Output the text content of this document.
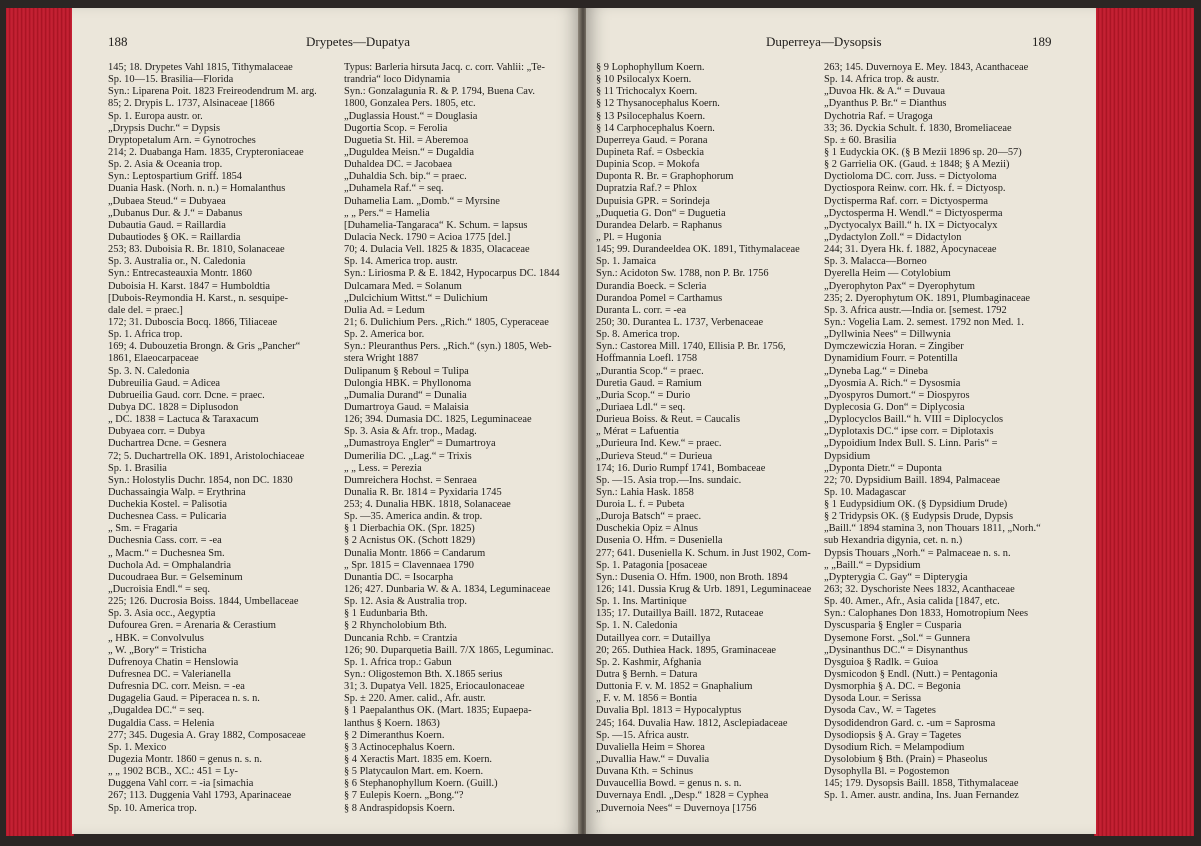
188	Drypetes—Dupatya
145; 18. Drypetes Vahl 1815, Tithymalaceae
Sp. 10—15. Brasilia—Florida
Syn.: Liparena Poit. 1823 Freireodendrum M. arg.
85; 2. Drypis L. 1737, Alsinaceae [1866
Sp. 1. Europa austr. or.
„Drypsis Duchr.“ = Dypsis
Dryptopetalum Arn. = Gynotroches
214; 2. Duabanga Ham. 1835, Crypteroniaceae
Sp. 2. Asia & Oceania trop.
Syn.: Leptospartium Griff. 1854
Duania Hask. (Norh. n. n.) = Homalanthus
„Dubaea Steud.“ = Dubyaea
„Dubanus Dur. & J.“ = Dabanus
Dubautia Gaud. = Raillardia
Dubautiodes § OK. = Raillardia
253; 83. Duboisia R. Br. 1810, Solanaceae
Sp. 3. Australia or., N. Caledonia
Syn.: Entrecasteauxia Montr. 1860
Duboisia H. Karst. 1847 = Humboldtia
[Dubois-Reymondia H. Karst., n. sesquipe-
dale del. = praec.]
172; 31. Duboscia Bocq. 1866, Tiliaceae
Sp. 1. Africa trop.
169; 4. Dubouzetia Brongn. & Gris „Pancher“
1861, Elaeocarpaceae
Sp. 3. N. Caledonia
Dubreuilia Gaud. = Adicea
Dubrueilia Gaud. corr. Dcne. = praec.
Dubya DC. 1828 = Diplusodon
„ DC. 1838 = Lactuca & Taraxacum
Dubyaea corr. = Dubya
Duchartrea Dcne. = Gesnera
72; 5. Duchartrella OK. 1891, Aristolochiaceae
Sp. 1. Brasilia
Syn.: Holostylis Duchr. 1854, non DC. 1830
Duchassaingia Walp. = Erythrina
Duchekia Kostel. = Palisotia
Duchesnea Cass. = Pulicaria
„ Sm. = Fragaria
Duchesnia Cass. corr. = -ea
„ Macm.“ = Duchesnea Sm.
Duchola Ad. = Omphalandria
Ducoudraea Bur. = Gelseminum
„Ducroisia Endl.“ = seq.
225; 126. Ducrosia Boiss. 1844, Umbellaceae
Sp. 3. Asia occ., Aegyptia
Dufourea Gren. = Arenaria & Cerastium
„ HBK. = Convolvulus
„ W. „Bory“ = Tristicha
Dufrenoya Chatin = Henslowia
Dufresnea DC. = Valerianella
Dufresnia DC. corr. Meisn. = -ea
Dugagelia Gaud. = Piperacea n. s. n.
„Dugaldea DC.“ = seq.
Dugaldia Cass. = Helenia
277; 345. Dugesia A. Gray 1882, Composaceae
Sp. 1. Mexico
Dugezia Montr. 1860 = genus n. s. n.
„ „ 1902 BCB., XC.: 451 = Ly-
Duggena Vahl corr. = -ia [simachia
267; 113. Duggenia Vahl 1793, Aparinaceae
Sp. 10. America trop.
Typus: Barleria hirsuta Jacq. c. corr. Vahlii: „Te-
trandria“ loco Didynamia
Syn.: Gonzalagunia R. & P. 1794, Buena Cav.
1800, Gonzalea Pers. 1805, etc.
„Duglassia Houst.“ = Douglasia
Dugortia Scop. = Ferolia
Duguetia St. Hil. = Aberemoa
„Duguldea Meisn.“ = Dugaldia
Duhaldea DC. = Jacobaea
„Duhaldia Sch. bip.“ = praec.
„Duhamela Raf.“ = seq.
Duhamelia Lam. „Domb.“ = Myrsine
„ „ Pers.“ = Hamelia
[Duhamelia-Tangaraca“ K. Schum. = lapsus
Dulacia Neck. 1790 = Acioa 1775 [del.]
70; 4. Dulacia Vell. 1825 & 1835, Olacaceae
Sp. 14. America trop. austr.
Syn.: Liriosma P. & E. 1842, Hypocarpus DC. 1844
Dulcamara Med. = Solanum
„Dulcichium Wittst.“ = Dulichium
Dulia Ad. = Ledum
21; 6. Dulichium Pers. „Rich.“ 1805, Cyperaceae
Sp. 2. America bor.
Syn.: Pleuranthus Pers. „Rich.“ (syn.) 1805, Web-
stera Wright 1887
Dulipanum § Reboul = Tulipa
Dulongia HBK. = Phyllonoma
„Dumalia Durand“ = Dunalia
Dumartroya Gaud. = Malaisia
126; 394. Dumasia DC. 1825, Leguminaceae
Sp. 3. Asia & Afr. trop., Madag.
„Dumastroya Engler“ = Dumartroya
Dumerilia DC. „Lag.“ = Trixis
„ „ Less. = Perezia
Dumreichera Hochst. = Senraea
Dunalia R. Br. 1814 = Pyxidaria 1745
253; 4. Dunalia HBK. 1818, Solanaceae
Sp. —35. America andin. & trop.
§ 1 Dierbachia OK. (Spr. 1825)
§ 2 Acnistus OK. (Schott 1829)
Dunalia Montr. 1866 = Candarum
„ Spr. 1815 = Clavennaea 1790
Dunantia DC. = Isocarpha
126; 427. Dunbaria W. & A. 1834, Leguminaceae
Sp. 12. Asia & Australia trop.
§ 1 Eudunbaria Bth.
§ 2 Rhyncholobium Bth.
Duncania Rchb. = Crantzia
126; 90. Duparquetia Baill. 7/X 1865, Leguminac.
Sp. 1. Africa trop.: Gabun
Syn.: Oligostemon Bth. X.1865 serius
31; 3. Dupatya Vell. 1825, Eriocaulonaceae
Sp. ± 220. Amer. calid., Afr. austr.
§ 1 Paepalanthus OK. (Mart. 1835; Eupaepa-
lanthus § Koern. 1863)
§ 2 Dimeranthus Koern.
§ 3 Actinocephalus Koern.
§ 4 Xeractis Mart. 1835 em. Koern.
§ 5 Platycaulon Mart. em. Koern.
§ 6 Stephanophyllum Koern. (Guill.)
§ 7 Eulepis Koern. „Bong.“?
§ 8 Andraspidopsis Koern.
Duperreya—Dysopsis	189
§ 9 Lophophyllum Koern.
§ 10 Psilocalyx Koern.
§ 11 Trichocalyx Koern.
§ 12 Thysanocephalus Koern.
§ 13 Psilocephalus Koern.
§ 14 Carphocephalus Koern.
Duperreya Gaud. = Porana
Dupineta Raf. = Osbeckia
Dupinia Scop. = Mokofa
Duponta R. Br. = Graphophorum
Dupratzia Raf.? = Phlox
Dupuisia GPR. = Sorindeja
„Duquetia G. Don“ = Duguetia
Durandea Delarb. = Raphanus
„ Pl. = Hugonia
145; 99. Durandeeldea OK. 1891, Tithymalaceae
Sp. 1. Jamaica
Syn.: Acidoton Sw. 1788, non P. Br. 1756
Durandia Boeck. = Scleria
Durandoa Pomel = Carthamus
Duranta L. corr. = -ea
250; 30. Durantea L. 1737, Verbenaceae
Sp. 8. America trop.
Syn.: Castorea Mill. 1740, Ellisia P. Br. 1756,
Hoffmannia Loefl. 1758
„Durantia Scop.“ = praec.
Duretia Gaud. = Ramium
„Duria Scop.“ = Durio
„Duriaea Ldl.“ = seq.
Durieua Boiss. & Reut. = Caucalis
„ Mérat = Lafuentia
„Durieura Ind. Kew.“ = praec.
„Durieva Steud.“ = Durieua
174; 16. Durio Rumpf 1741, Bombaceae
Sp. —15. Asia trop.—Ins. sundaic.
Syn.: Lahia Hask. 1858
Duroia L. f. = Pubeta
„Duroja Batsch“ = praec.
Duschekia Opiz = Alnus
Dusenia O. Hfm. = Duseniella
277; 641. Duseniella K. Schum. in Just 1902, Com-
Sp. 1. Patagonia [posaceae
Syn.: Dusenia O. Hfm. 1900, non Broth. 1894
126; 141. Dussia Krug & Urb. 1891, Leguminaceae
Sp. 1. Ins. Martinique
135; 17. Dutaillya Baill. 1872, Rutaceae
Sp. 1. N. Caledonia
Dutaillyea corr. = Dutaillya
20; 265. Duthiea Hack. 1895, Graminaceae
Sp. 2. Kashmir, Afghania
Dutra § Bernh. = Datura
Duttonia F. v. M. 1852 = Gnaphalium
„ F. v. M. 1856 = Bontia
Duvalia Bpl. 1813 = Hypocalyptus
245; 164. Duvalia Haw. 1812, Asclepiadaceae
Sp. —15. Africa austr.
Duvaliella Heim = Shorea
„Duvallia Haw.“ = Duvalia
Duvana Kth. = Schinus
Duvaucellia Bowd. = genus n. s. n.
Duvernaya Endl. „Desp.“ 1828 = Cyphea
„Duvernoia Nees“ = Duvernoya [1756
263; 145. Duvernoya E. Mey. 1843, Acanthaceae
Sp. 14. Africa trop. & austr.
„Duvoa Hk. & A.“ = Duvaua
„Dyanthus P. Br.“ = Dianthus
Dychotria Raf. = Uragoga
33; 36. Dyckia Schult. f. 1830, Bromeliaceae
Sp. ± 60. Brasilia
§ 1 Eudyckia OK. (§ B Mezii 1896 sp. 20—57)
§ 2 Garrielia OK. (Gaud. ± 1848; § A Mezii)
Dyctioloma DC. corr. Juss. = Dictyoloma
Dyctiospora Reinw. corr. Hk. f. = Dictyosp.
Dyctisperma Raf. corr. = Dictyosperma
„Dyctosperma H. Wendl.“ = Dictyosperma
„Dyctyocalyx Baill.“ h. IX = Dictyocalyx
„Dydactylon Zoll.“ = Didactylon
244; 31. Dyera Hk. f. 1882, Apocynaceae
Sp. 3. Malacca—Borneo
Dyerella Heim — Cotylobium
„Dyerophyton Pax“ = Dyerophytum
235; 2. Dyerophytum OK. 1891, Plumbaginaceae
Sp. 3. Africa austr.—India or. [semest. 1792
Syn.: Vogelia Lam. 2. semest. 1792 non Med. 1.
„Dyllwinia Nees“ = Dillwynia
Dymczewiczia Horan. = Zingiber
Dynamidium Fourr. = Potentilla
„Dyneba Lag.“ = Dineba
„Dyosmia A. Rich.“ = Dysosmia
„Dyospyros Dumort.“ = Diospyros
Dyplecosia G. Don“ = Diplycosia
„Dyplocyclos Baill.“ h. VIII = Diplocyclos
„Dyplotaxis DC.“ ipse corr. = Diplotaxis
„Dypoidium Index Bull. S. Linn. Paris“ =
Dypsidium
„Dyponta Dietr.“ = Duponta
22; 70. Dypsidium Baill. 1894, Palmaceae
Sp. 10. Madagascar
§ 1 Eudypsidium OK. (§ Dypsidium Drude)
§ 2 Tridypsis OK. (§ Eudypsis Drude, Dypsis
„Baill.“ 1894 stamina 3, non Thouars 1811, „Norh.“
sub Hexandria digynia, cet. n. n.)
Dypsis Thouars „Norh.“ = Palmaceae n. s. n.
„ „Baill.“ = Dypsidium
„Dypterygia C. Gay“ = Dipterygia
263; 32. Dyschoriste Nees 1832, Acanthaceae
Sp. 40. Amer., Afr., Asia calida [1847, etc.
Syn.: Calophanes Don 1833, Homotropium Nees
Dyscusparia § Engler = Cusparia
Dysemone Forst. „Sol.“ = Gunnera
„Dysinanthus DC.“ = Disynanthus
Dysguioa § Radlk. = Guioa
Dysmicodon § Endl. (Nutt.) = Pentagonia
Dysmorphia § A. DC. = Begonia
Dysoda Lour. = Serissa
Dysoda Cav., W. = Tagetes
Dysodidendron Gard. c. -um = Saprosma
Dysodiopsis § A. Gray = Tagetes
Dysodium Rich. = Melampodium
Dysolobium § Bth. (Prain) = Phaseolus
Dysophylla Bl. = Pogostemon
145; 179. Dysopsis Baill. 1858, Tithymalaceae
Sp. 1. Amer. austr. andina, Ins. Juan Fernandez
